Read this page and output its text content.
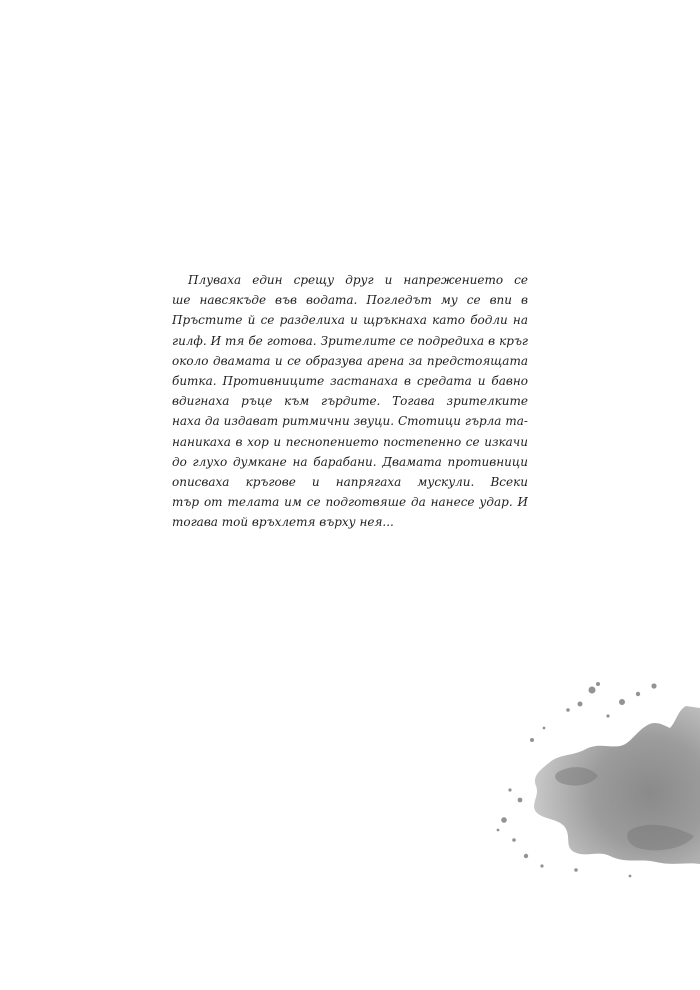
Плуваха един срещу друг и напрежението се
ше навсякъде във водата. Погледът му се впи в
Пръстите й се разделиха и щръкнаха като бодли на
гилф. И тя бе готова. Зрителите се подредиха в кръг
около двамата и се образува арена за предстоящата
битка. Противниците застанаха в средата и бавно
вдигнаха ръце към гърдите. Тогава зрителките
наха да издават ритмични звуци. Стотици гърла та-
наникаха в хор и песнопението постепенно се изкачи
до глухо думкане на барабани. Двамата противници
описваха кръгове и напрягаха мускули. Всеки
тър от телата им се подготвяше да нанесе удар. И
тогава той връхлетя върху нея...
